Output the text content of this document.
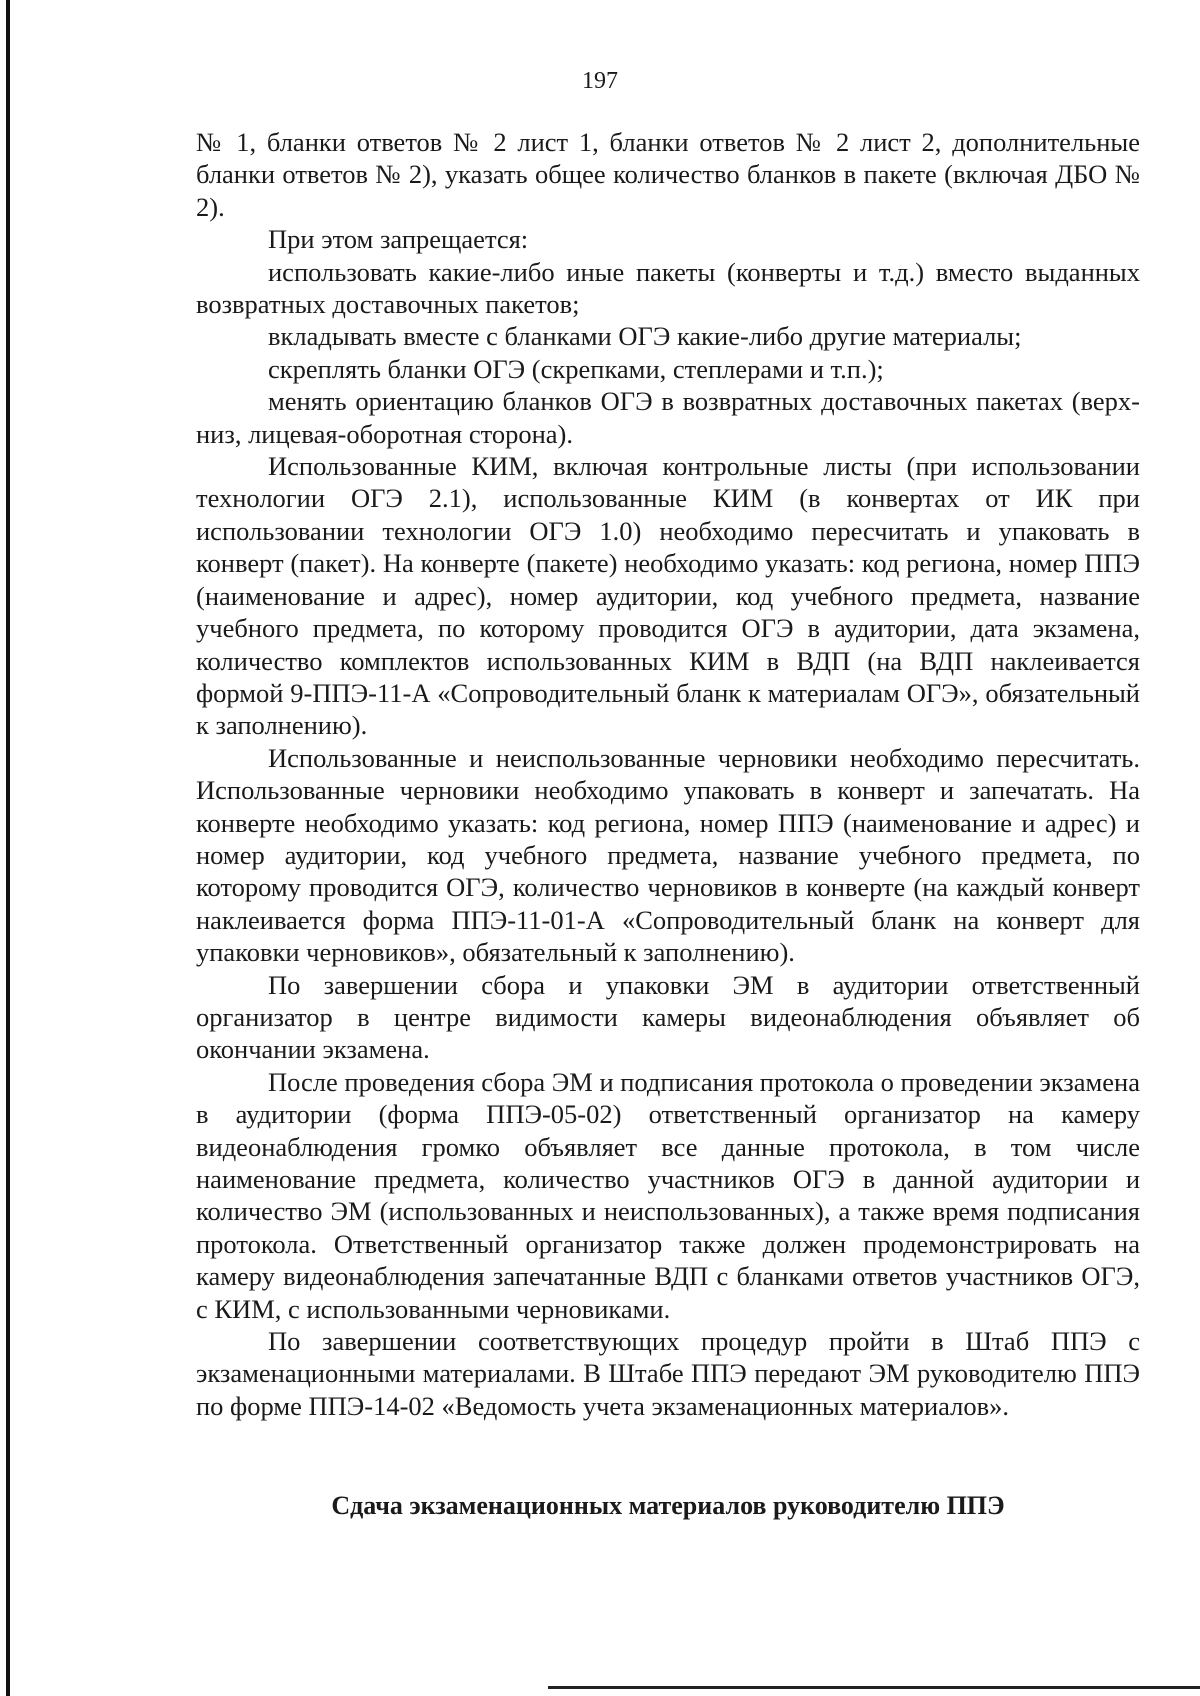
197

№ 1, бланки ответов № 2 лист 1, бланки ответов № 2 лист 2, дополнительные бланки ответов № 2), указать общее количество бланков в пакете (включая ДБО № 2).

При этом запрещается:

использовать какие-либо иные пакеты (конверты и т.д.) вместо выданных возвратных доставочных пакетов;

вкладывать вместе с бланками ОГЭ какие-либо другие материалы;

скреплять бланки ОГЭ (скрепками, степлерами и т.п.);

менять ориентацию бланков ОГЭ в возвратных доставочных пакетах (верх-низ, лицевая-оборотная сторона).

Использованные КИМ, включая контрольные листы (при использовании технологии ОГЭ 2.1), использованные КИМ (в конвертах от ИК при использовании технологии ОГЭ 1.0) необходимо пересчитать и упаковать в конверт (пакет). На конверте (пакете) необходимо указать: код региона, номер ППЭ (наименование и адрес), номер аудитории, код учебного предмета, название учебного предмета, по которому проводится ОГЭ в аудитории, дата экзамена, количество комплектов использованных КИМ в ВДП (на ВДП наклеивается формой 9-ППЭ-11-А «Сопроводительный бланк к материалам ОГЭ», обязательный к заполнению).

Использованные и неиспользованные черновики необходимо пересчитать. Использованные черновики необходимо упаковать в конверт и запечатать. На конверте необходимо указать: код региона, номер ППЭ (наименование и адрес) и номер аудитории, код учебного предмета, название учебного предмета, по которому проводится ОГЭ, количество черновиков в конверте (на каждый конверт наклеивается форма ППЭ-11-01-А «Сопроводительный бланк на конверт для упаковки черновиков», обязательный к заполнению).

По завершении сбора и упаковки ЭМ в аудитории ответственный организатор в центре видимости камеры видеонаблюдения объявляет об окончании экзамена.

После проведения сбора ЭМ и подписания протокола о проведении экзамена в аудитории (форма ППЭ-05-02) ответственный организатор на камеру видеонаблюдения громко объявляет все данные протокола, в том числе наименование предмета, количество участников ОГЭ в данной аудитории и количество ЭМ (использованных и неиспользованных), а также время подписания протокола. Ответственный организатор также должен продемонстрировать на камеру видеонаблюдения запечатанные ВДП с бланками ответов участников ОГЭ, с КИМ, с использованными черновиками.

По завершении соответствующих процедур пройти в Штаб ППЭ с экзаменационными материалами. В Штабе ППЭ передают ЭМ руководителю ППЭ по форме ППЭ-14-02 «Ведомость учета экзаменационных материалов».

Сдача экзаменационных материалов руководителю ППЭ
